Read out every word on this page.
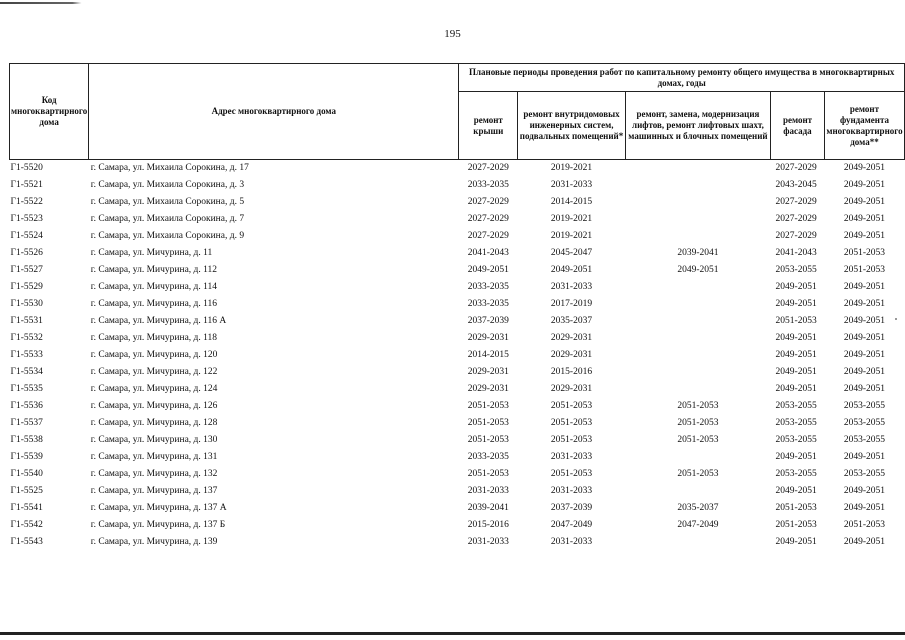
195
Код многоквартирного дома	Адрес многоквартирного дома	Плановые периоды проведения работ по капитальному ремонту общего имущества в многоквартирных домах, годы				
		ремонт крыши	ремонт внутридомовых инженерных систем, подвальных помещений*	ремонт, замена, модернизация лифтов, ремонт лифтовых шахт, машинных и блочных помещений	ремонт фасада	ремонт фундамента многоквартирного дома**
Г1-5520	г. Самара, ул. Михаила Сорокина, д. 17	2027-2029	2019-2021		2027-2029	2049-2051
Г1-5521	г. Самара, ул. Михаила Сорокина, д. 3	2033-2035	2031-2033		2043-2045	2049-2051
Г1-5522	г. Самара, ул. Михаила Сорокина, д. 5	2027-2029	2014-2015		2027-2029	2049-2051
Г1-5523	г. Самара, ул. Михаила Сорокина, д. 7	2027-2029	2019-2021		2027-2029	2049-2051
Г1-5524	г. Самара, ул. Михаила Сорокина, д. 9	2027-2029	2019-2021		2027-2029	2049-2051
Г1-5526	г. Самара, ул. Мичурина, д. 11	2041-2043	2045-2047	2039-2041	2041-2043	2051-2053
Г1-5527	г. Самара, ул. Мичурина, д. 112	2049-2051	2049-2051	2049-2051	2053-2055	2051-2053
Г1-5529	г. Самара, ул. Мичурина, д. 114	2033-2035	2031-2033		2049-2051	2049-2051
Г1-5530	г. Самара, ул. Мичурина, д. 116	2033-2035	2017-2019		2049-2051	2049-2051
Г1-5531	г. Самара, ул. Мичурина, д. 116 А	2037-2039	2035-2037		2051-2053	2049-2051
Г1-5532	г. Самара, ул. Мичурина, д. 118	2029-2031	2029-2031		2049-2051	2049-2051
Г1-5533	г. Самара, ул. Мичурина, д. 120	2014-2015	2029-2031		2049-2051	2049-2051
Г1-5534	г. Самара, ул. Мичурина, д. 122	2029-2031	2015-2016		2049-2051	2049-2051
Г1-5535	г. Самара, ул. Мичурина, д. 124	2029-2031	2029-2031		2049-2051	2049-2051
Г1-5536	г. Самара, ул. Мичурина, д. 126	2051-2053	2051-2053	2051-2053	2053-2055	2053-2055
Г1-5537	г. Самара, ул. Мичурина, д. 128	2051-2053	2051-2053	2051-2053	2053-2055	2053-2055
Г1-5538	г. Самара, ул. Мичурина, д. 130	2051-2053	2051-2053	2051-2053	2053-2055	2053-2055
Г1-5539	г. Самара, ул. Мичурина, д. 131	2033-2035	2031-2033		2049-2051	2049-2051
Г1-5540	г. Самара, ул. Мичурина, д. 132	2051-2053	2051-2053	2051-2053	2053-2055	2053-2055
Г1-5525	г. Самара, ул. Мичурина, д. 137	2031-2033	2031-2033		2049-2051	2049-2051
Г1-5541	г. Самара, ул. Мичурина, д. 137 А	2039-2041	2037-2039	2035-2037	2051-2053	2049-2051
Г1-5542	г. Самара, ул. Мичурина, д. 137 Б	2015-2016	2047-2049	2047-2049	2051-2053	2051-2053
Г1-5543	г. Самара, ул. Мичурина, д. 139	2031-2033	2031-2033		2049-2051	2049-2051
